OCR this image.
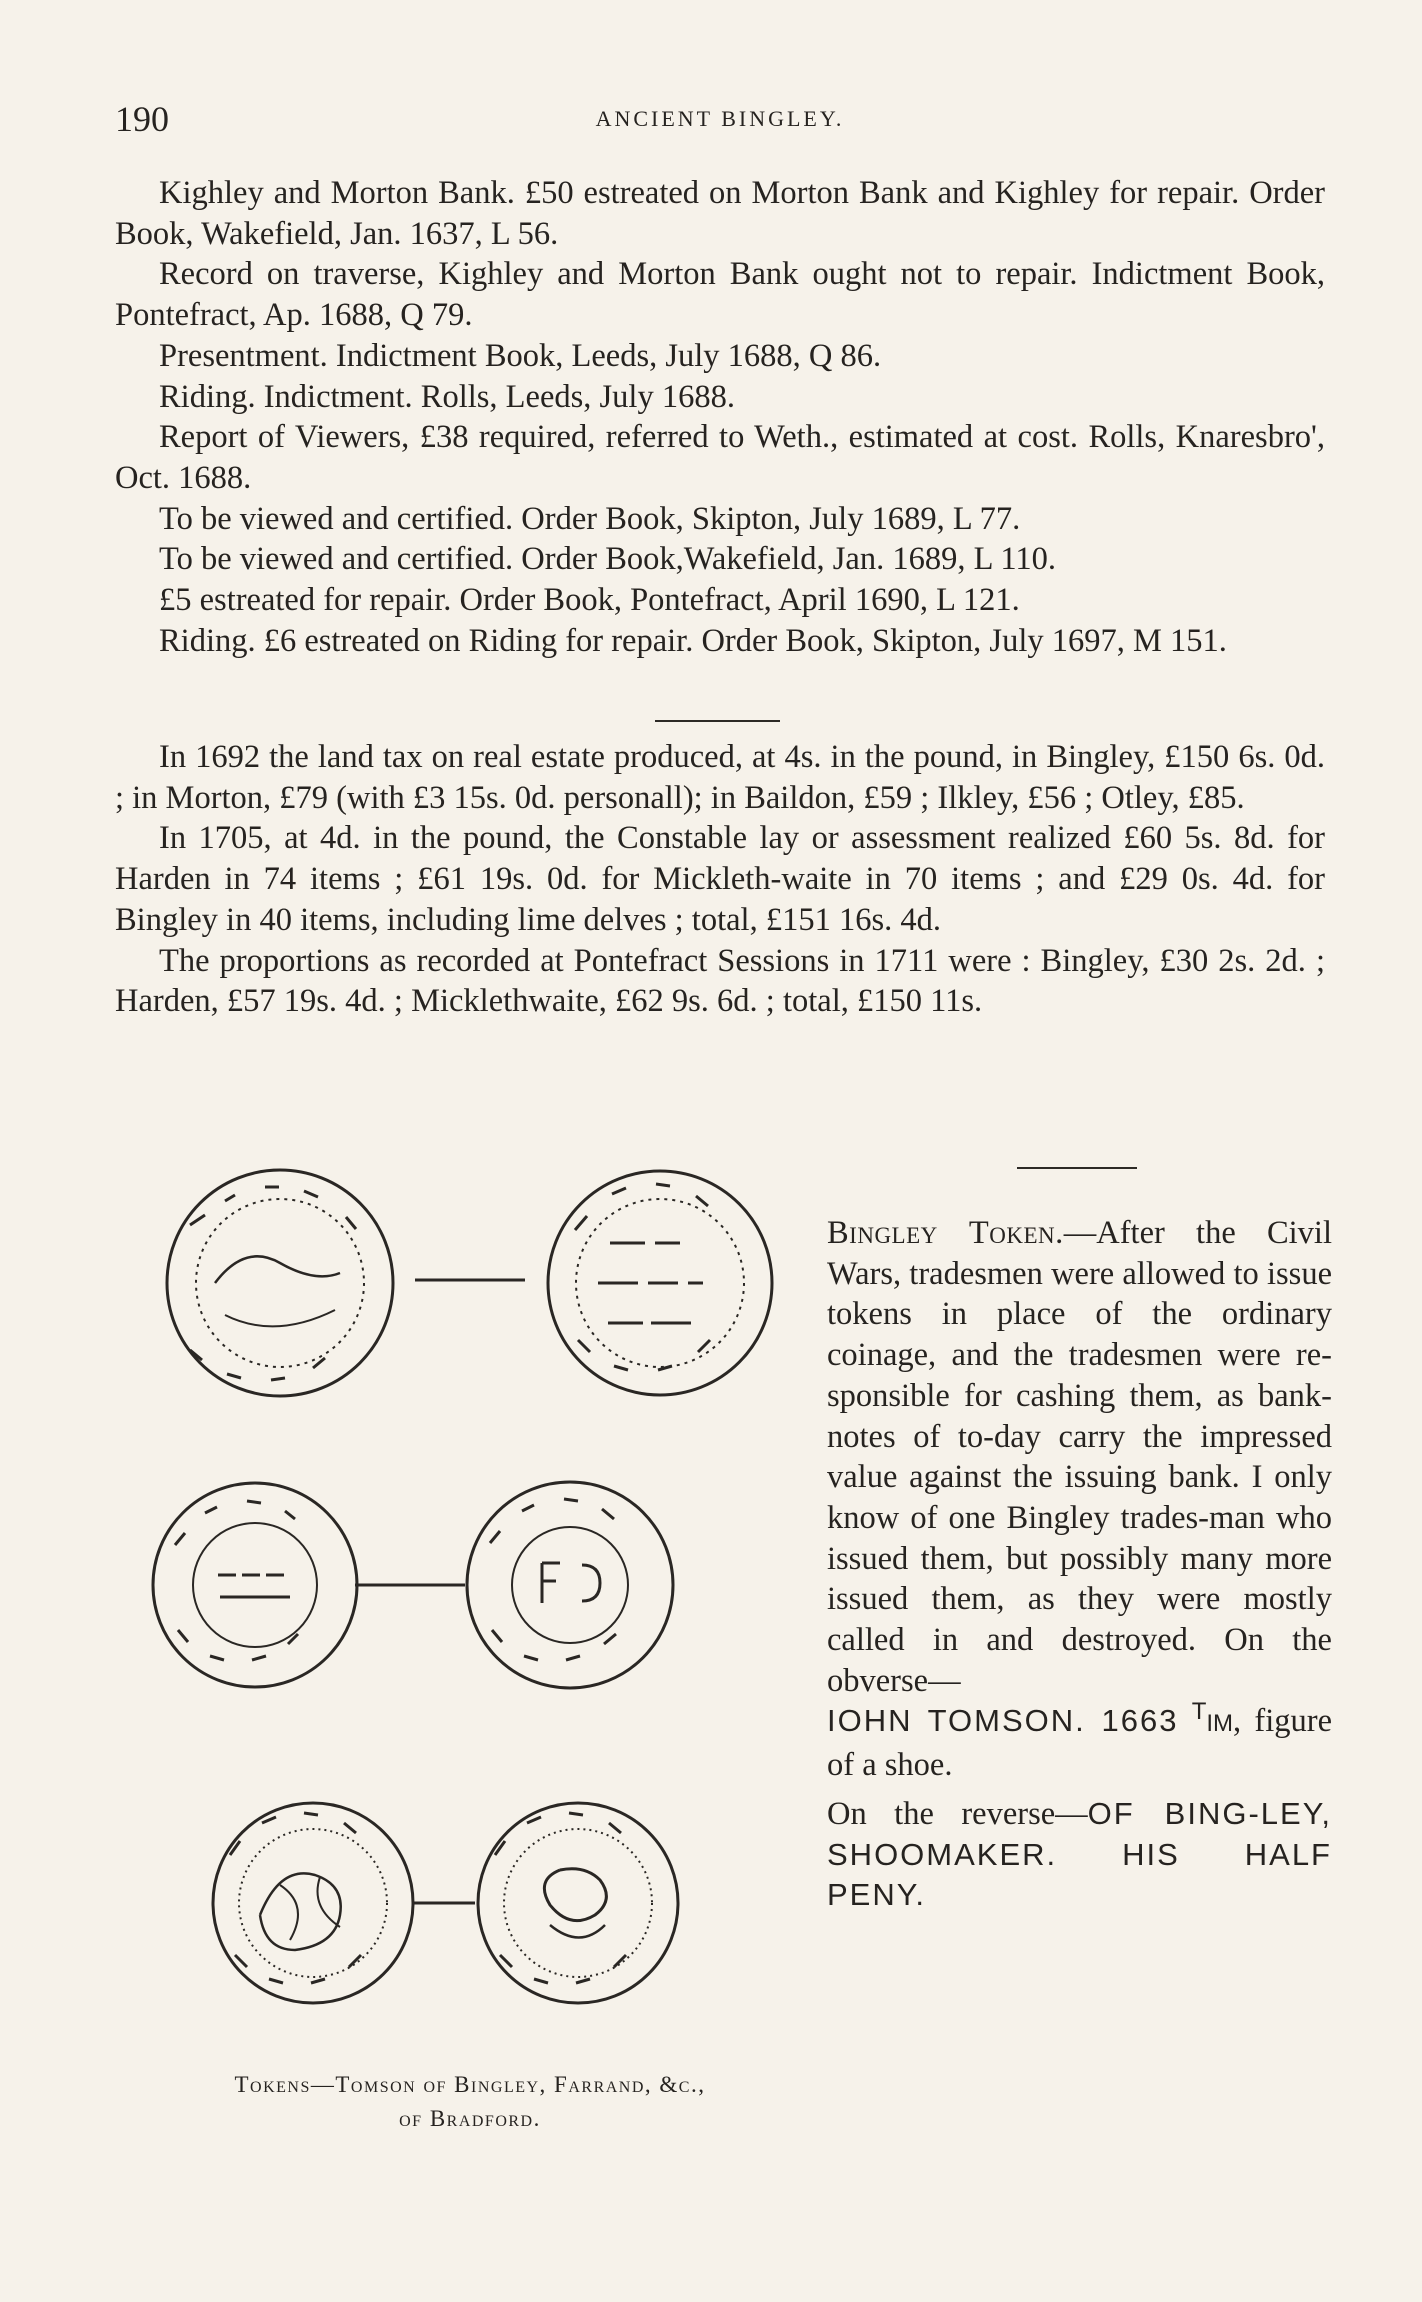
190	ANCIENT BINGLEY.

Kighley and Morton Bank. £50 estreated on Morton Bank and Kighley for repair. Order Book, Wakefield, Jan. 1637, L 56.

Record on traverse, Kighley and Morton Bank ought not to repair. Indictment Book, Pontefract, Ap. 1688, Q 79.

Presentment. Indictment Book, Leeds, July 1688, Q 86.

Riding. Indictment. Rolls, Leeds, July 1688.

Report of Viewers, £38 required, referred to Weth., estimated at cost. Rolls, Knaresbro', Oct. 1688.

To be viewed and certified. Order Book, Skipton, July 1689, L 77.

To be viewed and certified. Order Book,Wakefield, Jan. 1689, L 110.

£5 estreated for repair. Order Book, Pontefract, April 1690, L 121.

Riding. £6 estreated on Riding for repair. Order Book, Skipton, July 1697, M 151.

In 1692 the land tax on real estate produced, at 4s. in the pound, in Bingley, £150 6s. 0d. ; in Morton, £79 (with £3 15s. 0d. personall); in Baildon, £59 ; Ilkley, £56 ; Otley, £85.

In 1705, at 4d. in the pound, the Constable lay or assessment realized £60 5s. 8d. for Harden in 74 items ; £61 19s. 0d. for Mickleth-waite in 70 items ; and £29 0s. 4d. for Bingley in 40 items, including lime delves ; total, £151 16s. 4d.

The proportions as recorded at Pontefract Sessions in 1711 were : Bingley, £30 2s. 2d. ; Harden, £57 19s. 4d. ; Micklethwaite, £62 9s. 6d. ; total, £150 11s.

Bingley Token.—After the Civil Wars, tradesmen were allowed to issue tokens in place of the ordinary coinage, and the tradesmen were re-sponsible for cashing them, as bank-notes of to-day carry the impressed value against the issuing bank. I only know of one Bingley trades-man who issued them, but possibly many more issued them, as they were mostly called in and destroyed. On the obverse—

IOHN TOMSON. 1663 TIM, figure of a shoe.

On the reverse—OF BING-LEY, SHOOMAKER. HIS HALF PENY.

Tokens—Tomson of Bingley, Farrand, &c.,
of Bradford.
